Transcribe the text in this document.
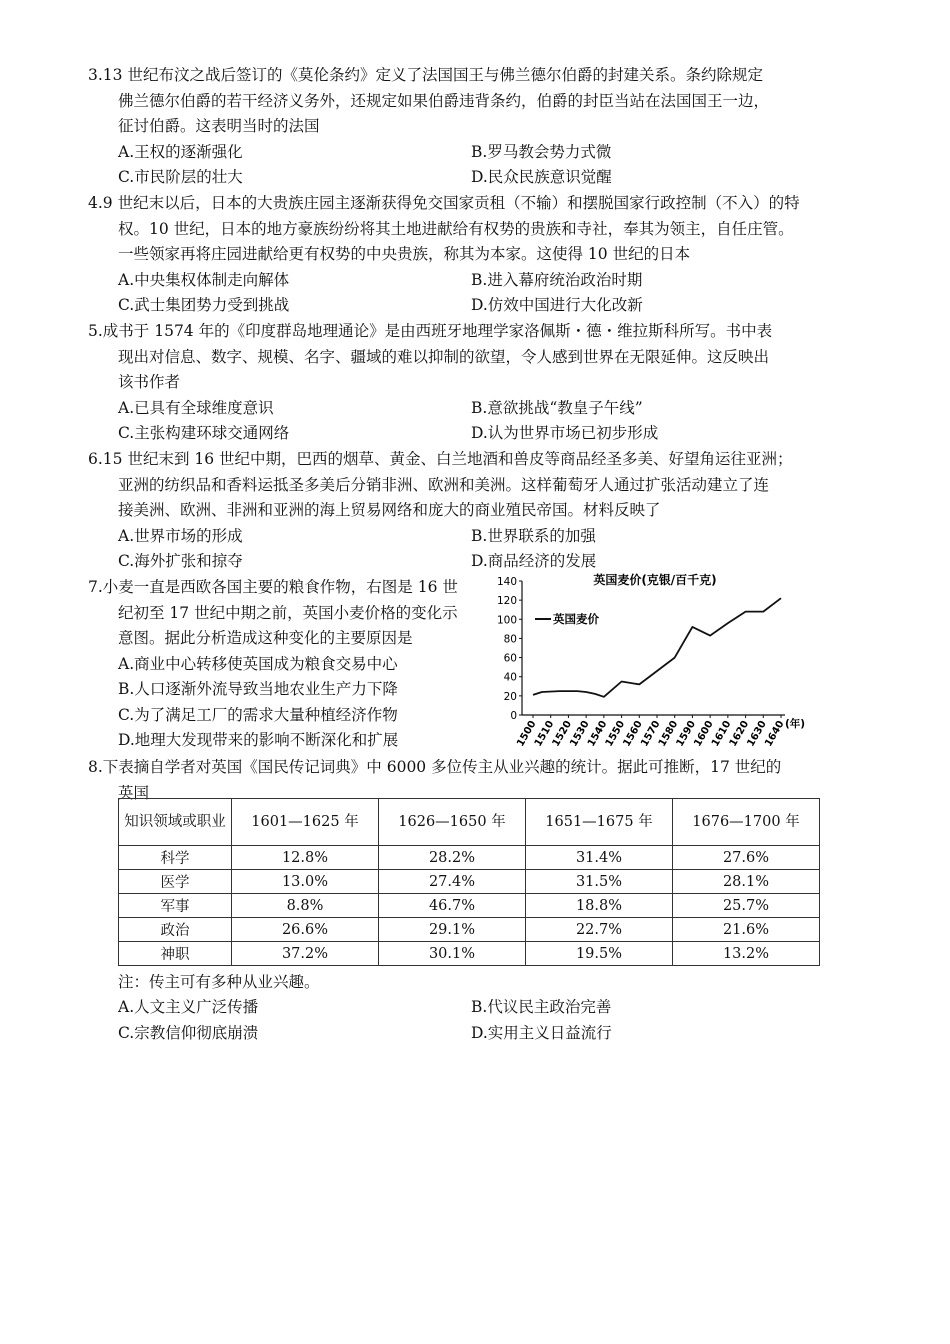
3.13 世纪布汶之战后签订的《莫伦条约》定义了法国国王与佛兰德尔伯爵的封建关系。条约除规定

佛兰德尔伯爵的若干经济义务外，还规定如果伯爵违背条约，伯爵的封臣当站在法国国王一边，

征讨伯爵。这表明当时的法国

A.王权的逐渐强化	B.罗马教会势力式微
C.市民阶层的壮大	D.民众民族意识觉醒

4.9 世纪末以后，日本的大贵族庄园主逐渐获得免交国家贡租（不输）和摆脱国家行政控制（不入）的特

权。10 世纪，日本的地方豪族纷纷将其土地进献给有权势的贵族和寺社，奉其为领主，自任庄管。

一些领家再将庄园进献给更有权势的中央贵族，称其为本家。这使得 10 世纪的日本

A.中央集权体制走向解体	B.进入幕府统治政治时期
C.武士集团势力受到挑战	D.仿效中国进行大化改新

5.成书于 1574 年的《印度群岛地理通论》是由西班牙地理学家洛佩斯・德・维拉斯科所写。书中表

现出对信息、数字、规模、名字、疆域的难以抑制的欲望，令人感到世界在无限延伸。这反映出

该书作者

A.已具有全球维度意识	B.意欲挑战“教皇子午线”
C.主张构建环球交通网络	D.认为世界市场已初步形成

6.15 世纪末到 16 世纪中期，巴西的烟草、黄金、白兰地酒和兽皮等商品经圣多美、好望角运往亚洲；

亚洲的纺织品和香料运抵圣多美后分销非洲、欧洲和美洲。这样葡萄牙人通过扩张活动建立了连

接美洲、欧洲、非洲和亚洲的海上贸易网络和庞大的商业殖民帝国。材料反映了

A.世界市场的形成	B.世界联系的加强
C.海外扩张和掠夺	D.商品经济的发展

7.小麦一直是西欧各国主要的粮食作物，右图是 16 世

纪初至 17 世纪中期之前，英国小麦价格的变化示

意图。据此分析造成这种变化的主要原因是

A.商业中心转移使英国成为粮食交易中心
B.人口逐渐外流导致当地农业生产力下降
C.为了满足工厂的需求大量种植经济作物
D.地理大发现带来的影响不断深化和扩展
英国麦价(克银/百千克)
英国麦价
0
20
40
60
80
100
120
140
1500
1510
1520
1530
1540
1550
1560
1570
1580
1590
1600
1610
1620
1630
1640
(年)

8.下表摘自学者对英国《国民传记词典》中 6000 多位传主从业兴趣的统计。据此可推断，17 世纪的

英国

知识领域或职业	1601—1625 年	1626—1650 年	1651—1675 年	1676—1700 年
科学	12.8%	28.2%	31.4%	27.6%
医学	13.0%	27.4%	31.5%	28.1%
军事	8.8%	46.7%	18.8%	25.7%
政治	26.6%	29.1%	22.7%	21.6%
神职	37.2%	30.1%	19.5%	13.2%
注：传主可有多种从业兴趣。
A.人文主义广泛传播	B.代议民主政治完善
C.宗教信仰彻底崩溃	D.实用主义日益流行
